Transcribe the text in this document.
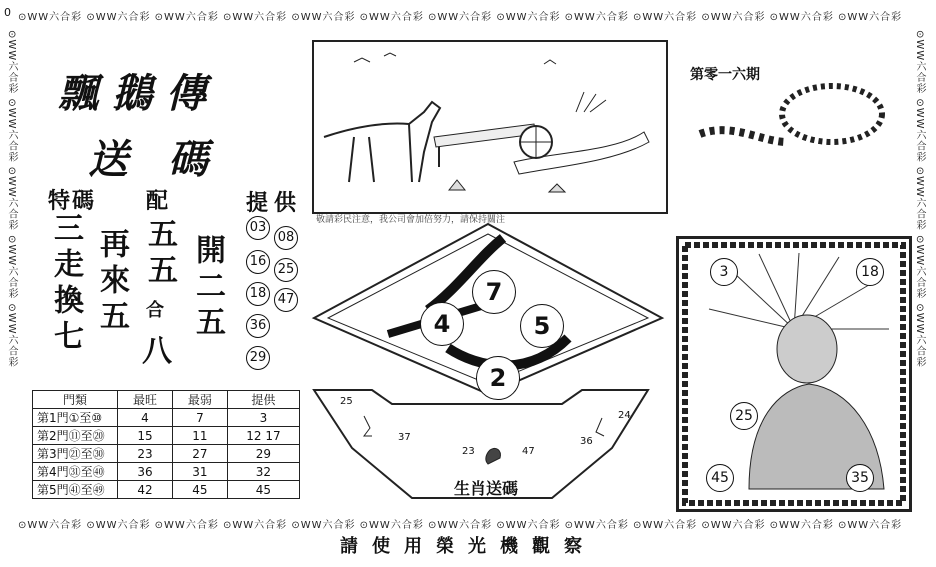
⊙WW六合彩 ⊙WW六合彩 ⊙WW六合彩 ⊙WW六合彩 ⊙WW六合彩 ⊙WW六合彩 ⊙WW六合彩 ⊙WW六合彩 ⊙WW六合彩 ⊙WW六合彩 ⊙WW六合彩 ⊙WW六合彩 ⊙WW六合彩
⊙WW六合彩 ⊙WW六合彩 ⊙WW六合彩 ⊙WW六合彩 ⊙WW六合彩 ⊙WW六合彩 ⊙WW六合彩 ⊙WW六合彩 ⊙WW六合彩 ⊙WW六合彩 ⊙WW六合彩 ⊙WW六合彩 ⊙WW六合彩
⊙WW六合彩 ⊙WW六合彩 ⊙WW六合彩 ⊙WW六合彩 ⊙WW六合彩	⊙WW六合彩 ⊙WW六合彩 ⊙WW六合彩 ⊙WW六合彩 ⊙WW六合彩
0
飄鵝傳
送碼
特碼
三走換七 再來五
配
五五
合
八
開二五
提供
03
08
16
25
18 47
36
29
第零一六期
敬請彩民注意，我公司會加倍努力，請保持關注
7
4	5
2
門類	最旺	最弱	提供
第1門①至⑩	4	7	3
第2門⑪至⑳	15	11	12 17
第3門㉑至㉚	23	27	29
第4門㉛至㊵	36	31	32
第5門㊶至㊾	42	45	45
25
37
23	47
36
24
生肖送碼
3	18
25
45	35
請使用榮光機觀察
